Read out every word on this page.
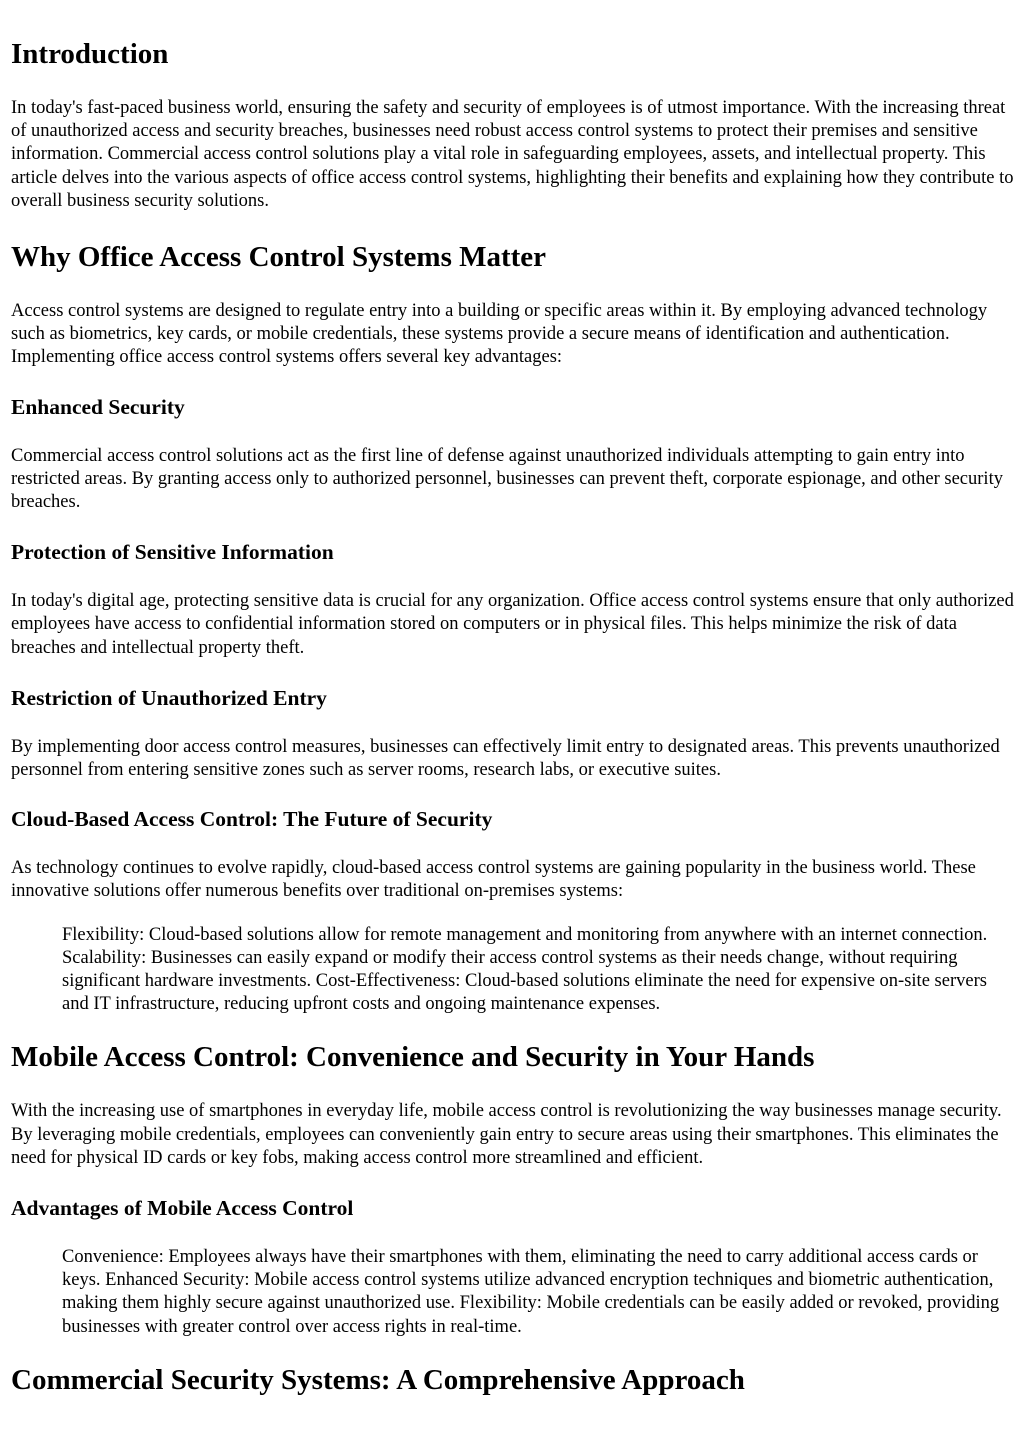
Introduction

In today's fast-paced business world, ensuring the safety and security of employees is of utmost importance. With the increasing threat of unauthorized access and security breaches, businesses need robust access control systems to protect their premises and sensitive information. Commercial access control solutions play a vital role in safeguarding employees, assets, and intellectual property. This article delves into the various aspects of office access control systems, highlighting their benefits and explaining how they contribute to overall business security solutions.

Why Office Access Control Systems Matter

Access control systems are designed to regulate entry into a building or specific areas within it. By employing advanced technology such as biometrics, key cards, or mobile credentials, these systems provide a secure means of identification and authentication. Implementing office access control systems offers several key advantages:

Enhanced Security

Commercial access control solutions act as the first line of defense against unauthorized individuals attempting to gain entry into restricted areas. By granting access only to authorized personnel, businesses can prevent theft, corporate espionage, and other security breaches.

Protection of Sensitive Information

In today's digital age, protecting sensitive data is crucial for any organization. Office access control systems ensure that only authorized employees have access to confidential information stored on computers or in physical files. This helps minimize the risk of data breaches and intellectual property theft.

Restriction of Unauthorized Entry

By implementing door access control measures, businesses can effectively limit entry to designated areas. This prevents unauthorized personnel from entering sensitive zones such as server rooms, research labs, or executive suites.

Cloud-Based Access Control: The Future of Security

As technology continues to evolve rapidly, cloud-based access control systems are gaining popularity in the business world. These innovative solutions offer numerous benefits over traditional on-premises systems:

Flexibility: Cloud-based solutions allow for remote management and monitoring from anywhere with an internet connection. Scalability: Businesses can easily expand or modify their access control systems as their needs change, without requiring significant hardware investments. Cost-Effectiveness: Cloud-based solutions eliminate the need for expensive on-site servers and IT infrastructure, reducing upfront costs and ongoing maintenance expenses.
Mobile Access Control: Convenience and Security in Your Hands

With the increasing use of smartphones in everyday life, mobile access control is revolutionizing the way businesses manage security. By leveraging mobile credentials, employees can conveniently gain entry to secure areas using their smartphones. This eliminates the need for physical ID cards or key fobs, making access control more streamlined and efficient.

Advantages of Mobile Access Control
Convenience: Employees always have their smartphones with them, eliminating the need to carry additional access cards or keys. Enhanced Security: Mobile access control systems utilize advanced encryption techniques and biometric authentication, making them highly secure against unauthorized use. Flexibility: Mobile credentials can be easily added or revoked, providing businesses with greater control over access rights in real-time.
Commercial Security Systems: A Comprehensive Approach
